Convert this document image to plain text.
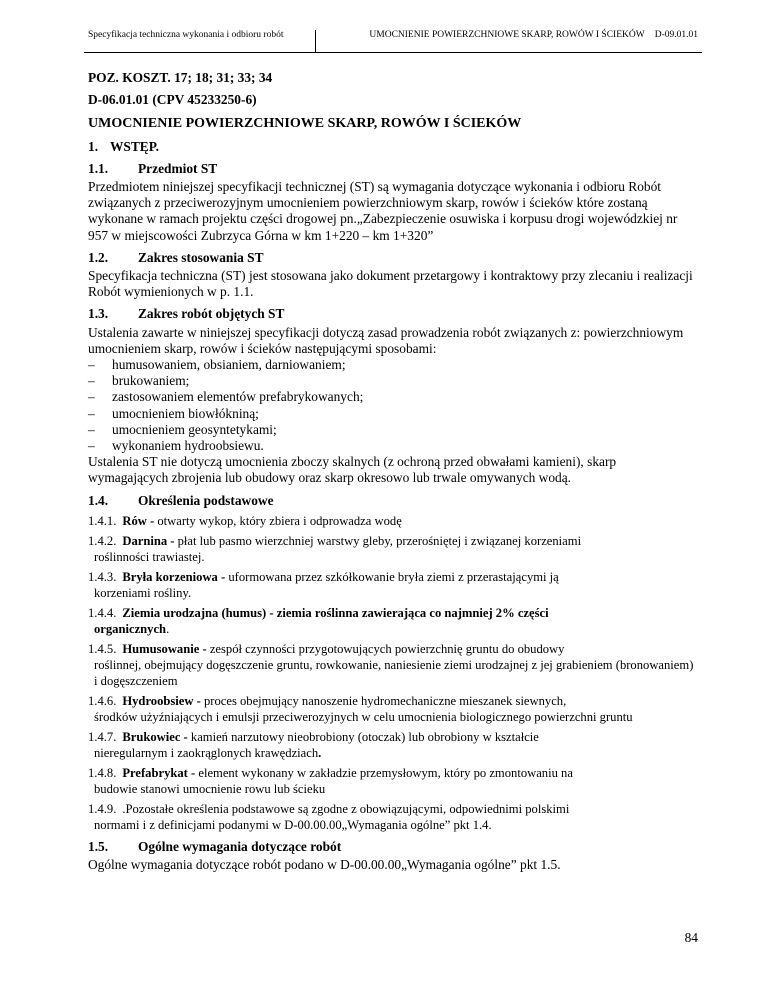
Specyfikacja techniczna wykonania i odbioru robót	UMOCNIENIE POWIERZCHNIOWE SKARP, ROWÓW I ŚCIEKÓW D-09.01.01
POZ. KOSZT. 17; 18; 31; 33; 34
D-06.01.01 (CPV 45233250-6)
UMOCNIENIE POWIERZCHNIOWE SKARP, ROWÓW I ŚCIEKÓW
1. WSTĘP.
1.1.	Przedmiot ST

Przedmiotem niniejszej specyfikacji technicznej (ST) są wymagania dotyczące wykonania i odbioru Robót związanych z przeciwerozyjnym umocnieniem powierzchniowym skarp, rowów i ścieków które zostaną wykonane w ramach projektu części drogowej pn.„Zabezpieczenie osuwiska i korpusu drogi wojewódzkiej nr 957 w miejscowości Zubrzyca Górna w km 1+220 – km 1+320”

1.2.	Zakres stosowania ST

Specyfikacja techniczna (ST) jest stosowana jako dokument przetargowy i kontraktowy przy zlecaniu i realizacji Robót wymienionych w p. 1.1.

1.3.	Zakres robót objętych ST

Ustalenia zawarte w niniejszej specyfikacji dotyczą zasad prowadzenia robót związanych z: powierzchniowym umocnieniem skarp, rowów i ścieków następującymi sposobami:

–	humusowaniem, obsianiem, darniowaniem;
–	brukowaniem;
–	zastosowaniem elementów prefabrykowanych;
–	umocnieniem biowłókniną;
–	umocnieniem geosyntetykami;
–	wykonaniem hydroobsiewu.

Ustalenia ST nie dotyczą umocnienia zboczy skalnych (z ochroną przed obwałami kamieni), skarp wymagających zbrojenia lub obudowy oraz skarp okresowo lub trwale omywanych wodą.

1.4.	Określenia podstawowe
1.4.1. Rów - otwarty wykop, który zbiera i odprowadza wodę
1.4.2. Darnina - płat lub pasmo wierzchniej warstwy gleby, przerośniętej i związanej korzeniami
roślinności trawiastej.
1.4.3. Bryła korzeniowa - uformowana przez szkółkowanie bryła ziemi z przerastającymi ją
korzeniami rośliny.
1.4.4. Ziemia urodzajna (humus) - ziemia roślinna zawierająca co najmniej 2% części
organicznych.
1.4.5. Humusowanie - zespół czynności przygotowujących powierzchnię gruntu do obudowy
roślinnej, obejmujący dogęszczenie gruntu, rowkowanie, naniesienie ziemi urodzajnej z jej grabieniem (bronowaniem) i dogęszczeniem
1.4.6. Hydroobsiew - proces obejmujący nanoszenie hydromechaniczne mieszanek siewnych,
środków użyźniających i emulsji przeciwerozyjnych w celu umocnienia biologicznego powierzchni gruntu
1.4.7. Brukowiec - kamień narzutowy nieobrobiony (otoczak) lub obrobiony w kształcie
nieregularnym i zaokrąglonych krawędziach.
1.4.8. Prefabrykat - element wykonany w zakładzie przemysłowym, który po zmontowaniu na
budowie stanowi umocnienie rowu lub ścieku
1.4.9. .Pozostałe określenia podstawowe są zgodne z obowiązującymi, odpowiednimi polskimi
normami i z definicjami podanymi w D-00.00.00„Wymagania ogólne” pkt 1.4.
1.5.	Ogólne wymagania dotyczące robót

Ogólne wymagania dotyczące robót podano w D-00.00.00„Wymagania ogólne” pkt 1.5.

84
